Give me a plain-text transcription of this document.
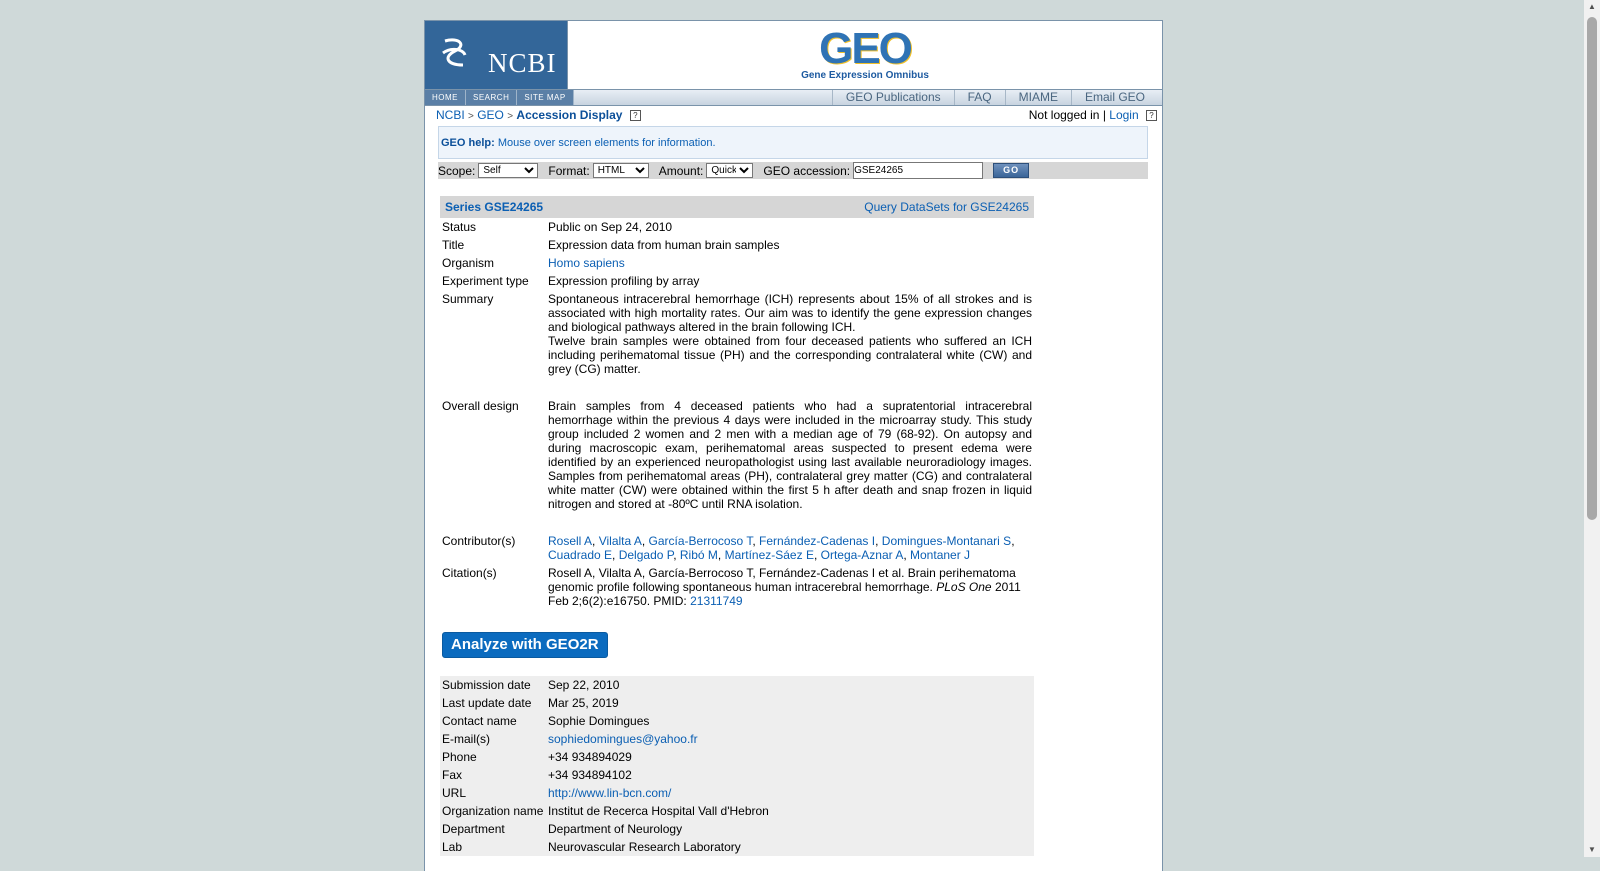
NCBI	GEO
Gene Expression Omnibus
HOME	SEARCH	SITE MAP	GEO Publications	FAQ	MIAME	Email GEO
NCBI > GEO > Accession Display ?	Not logged in | Login ?
GEO help: Mouse over screen elements for information.
Scope:
Self	Format:
HTML	Amount:
Quick	GEO accession:
GSE24265	GO
Series GSE24265	Query DataSets for GSE24265
Status	Public on Sep 24, 2010
Title	Expression data from human brain samples
Organism	Homo sapiens
Experiment type	Expression profiling by array
Summary	Spontaneous intracerebral hemorrhage (ICH) represents about 15% of all strokes and is associated with high mortality rates. Our aim was to identify the gene expression changes and biological pathways altered in the brain following ICH.
Twelve brain samples were obtained from four deceased patients who suffered an ICH including perihematomal tissue (PH) and the corresponding contralateral white (CW) and grey (CG) matter.

Overall design	Brain samples from 4 deceased patients who had a supratentorial intracerebral hemorrhage within the previous 4 days were included in the microarray study. This study group included 2 women and 2 men with a median age of 79 (68-92). On autopsy and during macroscopic exam, perihematomal areas suspected to present edema were identified by an experienced neuropathologist using last available neuroradiology images. Samples from perihematomal areas (PH), contralateral grey matter (CG) and contralateral white matter (CW) were obtained within the first 5 h after death and snap frozen in liquid nitrogen and stored at -80ºC until RNA isolation.
Contributor(s)	Rosell A, Vilalta A, García-Berrocoso T, Fernández-Cadenas I, Domingues-Montanari S, Cuadrado E, Delgado P, Ribó M, Martínez-Sáez E, Ortega-Aznar A, Montaner J
Citation(s)	Rosell A, Vilalta A, García-Berrocoso T, Fernández-Cadenas I et al. Brain perihematoma genomic profile following spontaneous human intracerebral hemorrhage. PLoS One 2011 Feb 2;6(2):e16750. PMID: 21311749
Analyze with GEO2R
Submission date	Sep 22, 2010
Last update date	Mar 25, 2019
Contact name	Sophie Domingues
E-mail(s)	sophiedomingues@yahoo.fr
Phone	+34 934894029
Fax	+34 934894102
URL	http://www.lin-bcn.com/
Organization name	Institut de Recerca Hospital Vall d'Hebron
Department	Department of Neurology
Lab	Neurovascular Research Laboratory
▲
▼
